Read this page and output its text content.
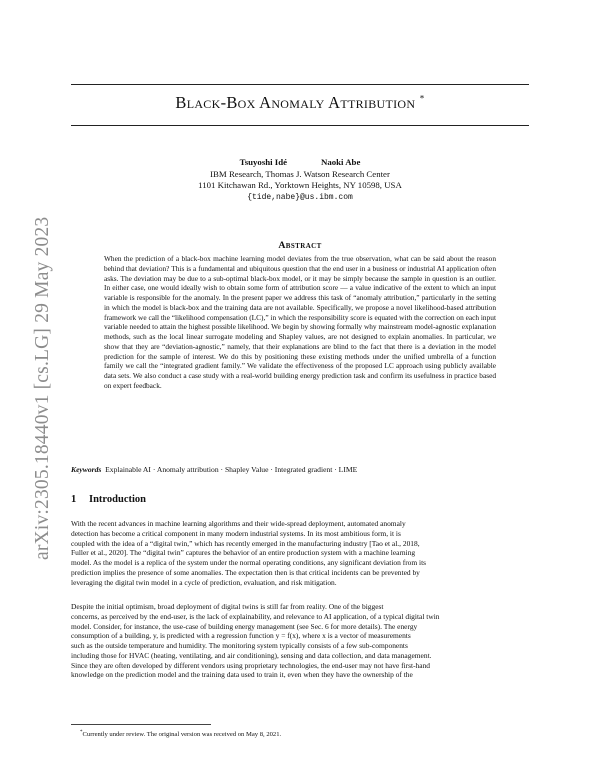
arXiv:2305.18440v1 [cs.LG] 29 May 2023
Black-Box Anomaly Attribution *
Tsuyoshi Idé	Naoki Abe
IBM Research, Thomas J. Watson Research Center
1101 Kitchawan Rd., Yorktown Heights, NY 10598, USA
{tide,nabe}@us.ibm.com
Abstract
When the prediction of a black-box machine learning model deviates from the true observation, what can be said about the reason behind that deviation? This is a fundamental and ubiquitous question that the end user in a business or industrial AI application often asks. The deviation may be due to a sub-optimal black-box model, or it may be simply because the sample in question is an outlier. In either case, one would ideally wish to obtain some form of attribution score — a value indicative of the extent to which an input variable is responsible for the anomaly. In the present paper we address this task of “anomaly attribution,” particularly in the setting in which the model is black-box and the training data are not available. Specifically, we propose a novel likelihood-based attribution framework we call the “likelihood compensation (LC),” in which the responsibility score is equated with the correction on each input variable needed to attain the highest possible likelihood. We begin by showing formally why mainstream model-agnostic explanation methods, such as the local linear surrogate modeling and Shapley values, are not designed to explain anomalies. In particular, we show that they are “deviation-agnostic,” namely, that their explanations are blind to the fact that there is a deviation in the model prediction for the sample of interest. We do this by positioning these existing methods under the unified umbrella of a function family we call the “integrated gradient family.” We validate the effectiveness of the proposed LC approach using publicly available data sets. We also conduct a case study with a real-world building energy prediction task and confirm its usefulness in practice based on expert feedback.
Keywords Explainable AI · Anomaly attribution · Shapley Value · Integrated gradient · LIME
1 Introduction
With the recent advances in machine learning algorithms and their wide-spread deployment, automated anomaly
detection has become a critical component in many modern industrial systems. In its most ambitious form, it is
coupled with the idea of a “digital twin,” which has recently emerged in the manufacturing industry [Tao et al., 2018,
Fuller et al., 2020]. The “digital twin” captures the behavior of an entire production system with a machine learning
model. As the model is a replica of the system under the normal operating conditions, any significant deviation from its
prediction implies the presence of some anomalies. The expectation then is that critical incidents can be prevented by
leveraging the digital twin model in a cycle of prediction, evaluation, and risk mitigation.
Despite the initial optimism, broad deployment of digital twins is still far from reality. One of the biggest
concerns, as perceived by the end-user, is the lack of explainability, and relevance to AI application, of a typical digital twin
model. Consider, for instance, the use-case of building energy management (see Sec. 6 for more details). The energy
consumption of a building, y, is predicted with a regression function y = f(x), where x is a vector of measurements
such as the outside temperature and humidity. The monitoring system typically consists of a few sub-components
including those for HVAC (heating, ventilating, and air conditioning), sensing and data collection, and data management.
Since they are often developed by different vendors using proprietary technologies, the end-user may not have first-hand
knowledge on the prediction model and the training data used to train it, even when they have the ownership of the
*Currently under review. The original version was received on May 8, 2021.
